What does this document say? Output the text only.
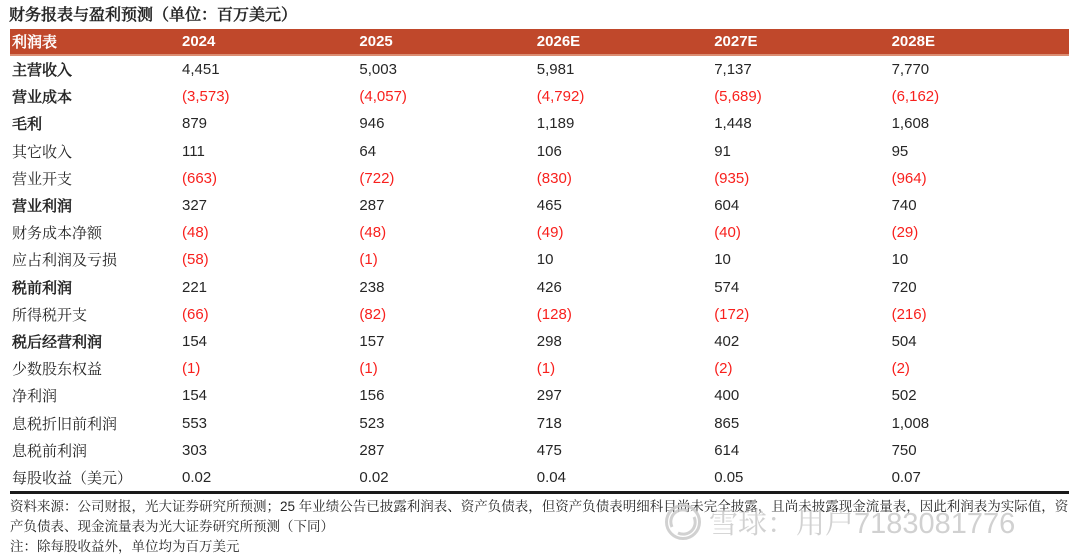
财务报表与盈利预测（单位：百万美元）
利润表	2024	2025	2026E	2027E	2028E
主营收入	4,451	5,003	5,981	7,137	7,770
营业成本	(3,573)	(4,057)	(4,792)	(5,689)	(6,162)
毛利	879	946	1,189	1,448	1,608
其它收入	111	64	106	91	95
营业开支	(663)	(722)	(830)	(935)	(964)
营业利润	327	287	465	604	740
财务成本净额	(48)	(48)	(49)	(40)	(29)
应占利润及亏损	(58)	(1)	10	10	10
税前利润	221	238	426	574	720
所得税开支	(66)	(82)	(128)	(172)	(216)
税后经营利润	154	157	298	402	504
少数股东权益	(1)	(1)	(1)	(2)	(2)
净利润	154	156	297	400	502
息税折旧前利润	553	523	718	865	1,008
息税前利润	303	287	475	614	750
每股收益（美元）	0.02	0.02	0.04	0.05	0.07
资料来源：公司财报，光大证券研究所预测；25 年业绩公告已披露利润表、资产负债表，但资产负债表明细科目尚未完全披露，且尚未披露现金流量表，因此利润表为实际值，资产负债表、现金流量表为光大证券研究所预测（下同）
注：除每股收益外，单位均为百万美元
雪球：用户7183081776
